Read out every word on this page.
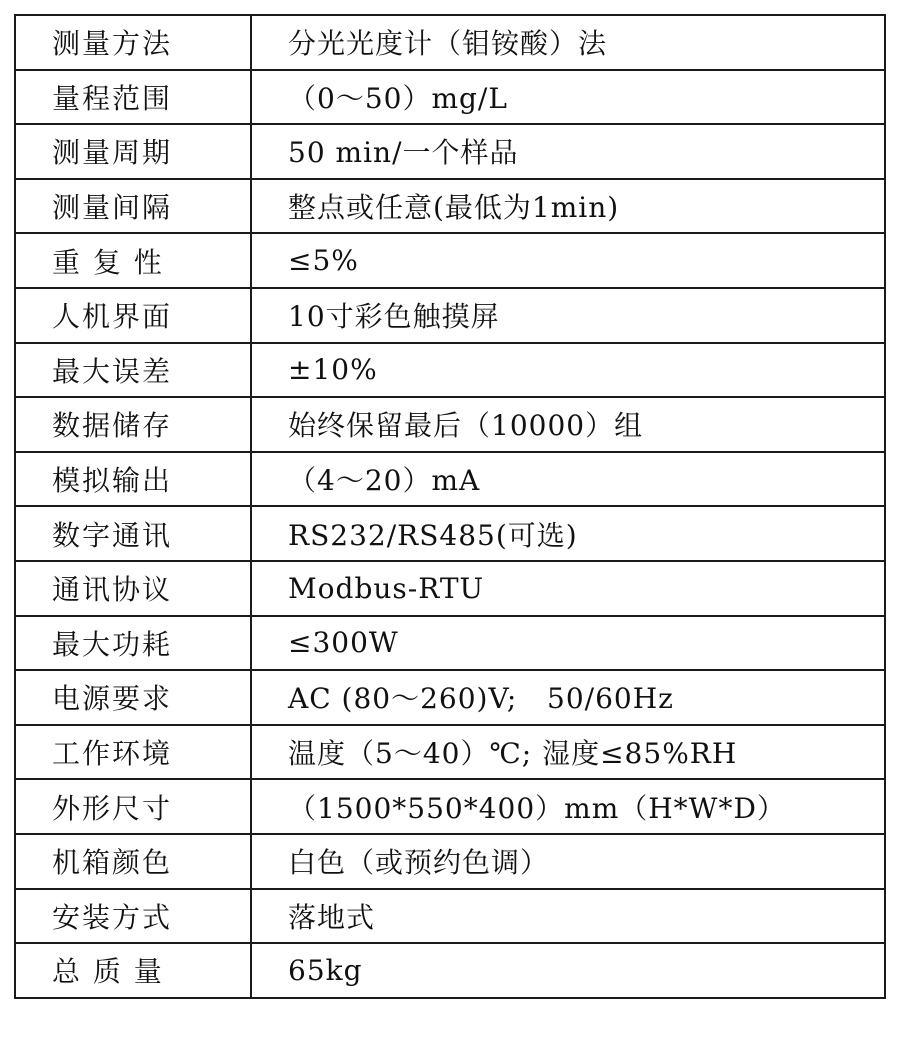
测量方法	分光光度计（钼铵酸）法
量程范围	（0～50）mg/L
测量周期	50 min/一个样品
测量间隔	整点或任意(最低为1min)
重 复 性	≤5%
人机界面	10寸彩色触摸屏
最大误差	±10%
数据储存	始终保留最后（10000）组
模拟输出	（4～20）mA
数字通讯	RS232/RS485(可选)
通讯协议	Modbus-RTU
最大功耗	≤300W
电源要求	AC (80～260)V;   50/60Hz
工作环境	温度（5～40）℃; 湿度≤85%RH
外形尺寸	（1500*550*400）mm（H*W*D）
机箱颜色	白色（或预约色调）
安装方式	落地式
总 质 量	65kg
